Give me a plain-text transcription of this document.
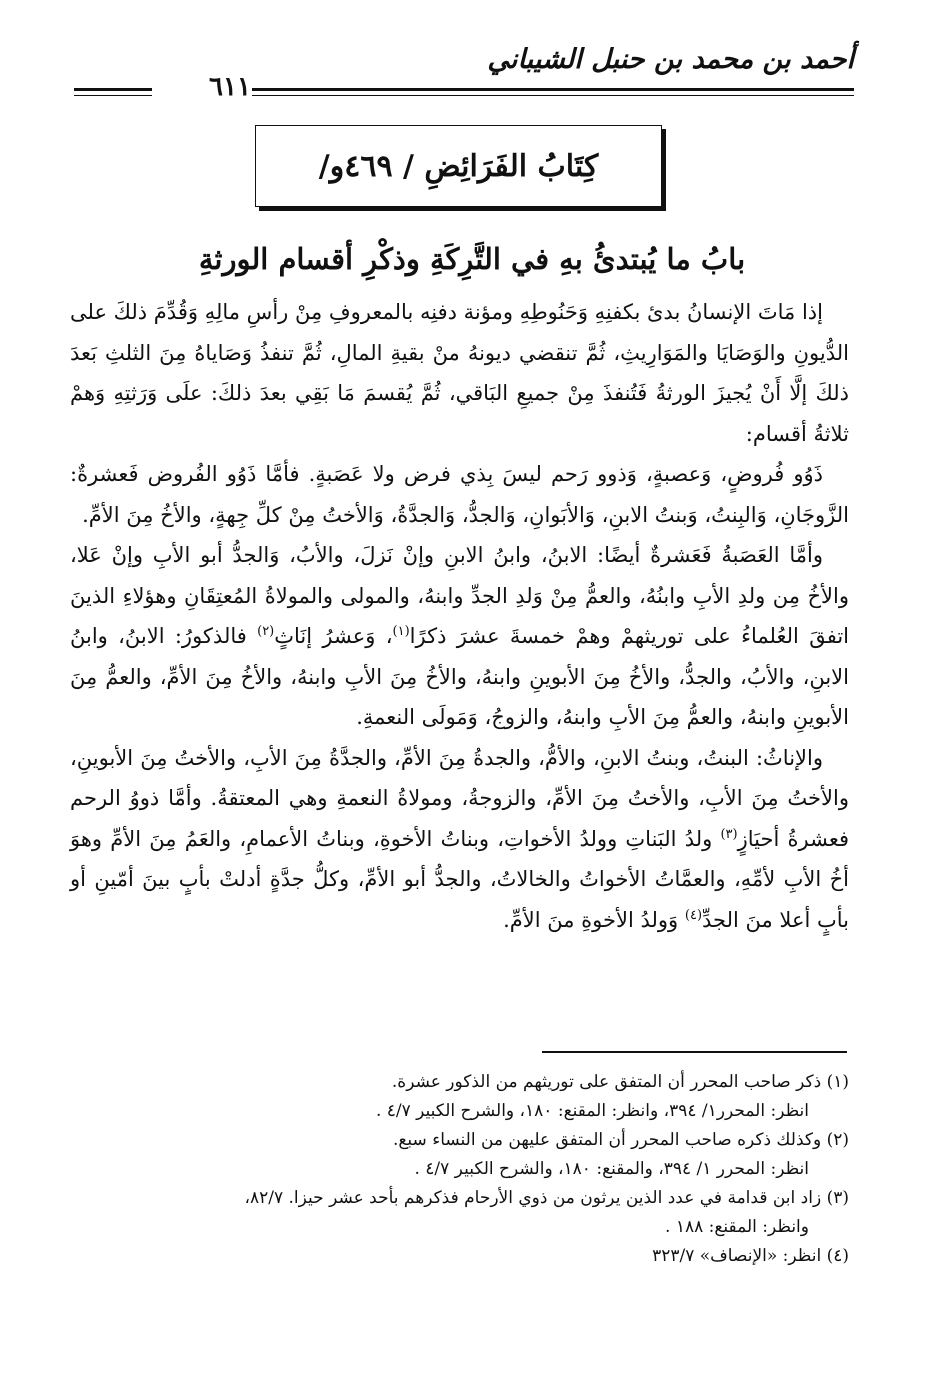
أحمد بن محمد بن حنبل الشيباني
٦١١
كِتَابُ الفَرَائِضِ / ٤٦٩و/
بابُ ما يُبتدئُ بهِ في التَّرِكَةِ وذكْرِ أقسام الورثةِ

إذا مَاتَ الإنسانُ بدئ بكفنِهِ وَحَنُوطِهِ ومؤنة دفنِه بالمعروفِ مِنْ رأسِ مالِهِ وَقُدِّمَ ذلكَ على الدُّيونِ والوَصَايَا والمَوَارِيثِ، ثُمَّ تنقضي ديونهُ منْ بقيةِ المالِ، ثُمَّ تنفذُ وَصَاياهُ مِنَ الثلثِ بَعدَ ذلكَ إلَّا أَنْ يُجيزَ الورثةُ فَتُنفذَ مِنْ جميعِ البَاقي، ثُمَّ يُقسمَ مَا بَقِي بعدَ ذلكَ: علَى وَرَثتِهِ وَهمْ ثلاثةُ أقسام:

ذَوُو فُروضٍ، وَعصبةٍ، وَذوو رَحم ليسَ بِذي فرض ولا عَصَبةٍ. فأمَّا ذَوُو الفُروض فَعشرةٌ: الزَّوجَانِ، وَالبِنتُ، وَبنتُ الابنِ، وَالأبَوانِ، وَالجدُّ، وَالجدَّةُ، وَالأختُ مِنْ كلِّ جِهةٍ، والأخُ مِنَ الأمِّ.

وأمَّا العَصَبةُ فَعَشرةٌ أيضًا: الابنُ، وابنُ الابنِ وإنْ نَزلَ، والأبُ، وَالجدُّ أبو الأبِ وإنْ عَلا، والأخُ مِن ولدِ الأبِ وابنُهُ، والعمُّ مِنْ وَلدِ الجدِّ وابنهُ، والمولى والمولاةُ المُعتِقَانِ وهؤلاءِ الذينَ اتفقَ العُلماءُ على توريثهمْ وهمْ خمسةَ عشرَ ذكرًا$^{(١)}$، وَعشرُ إنَاثٍ$^{(٢)}$ فالذكورُ: الابنُ، وابنُ الابنِ، والأبُ، والجدُّ، والأخُ مِنَ الأبوينِ وابنهُ، والأخُ مِنَ الأبِ وابنهُ، والأخُ مِنَ الأمِّ، والعمُّ مِنَ الأبوينِ وابنهُ، والعمُّ مِنَ الأبِ وابنهُ، والزوجُ، وَمَولَى النعمةِ.

والإناثُ: البنتُ، وبنتُ الابنِ، والأمُّ، والجدةُ مِنَ الأمِّ، والجدَّةُ مِنَ الأبِ، والأختُ مِنَ الأبوينِ، والأختُ مِنَ الأبِ، والأختُ مِنَ الأمِّ، والزوجةُ، ومولاةُ النعمةِ وهي المعتقةُ. وأمَّا ذووُ الرحم فعشرةُ أحيَازٍ$^{(٣)}$ ولدُ البَناتِ وولدُ الأخواتِ، وبناتُ الأخوةِ، وبناتُ الأعمامِ، والعَمُ مِنَ الأمِّ وهوَ أخُ الأبِ لأمِّهِ، والعمَّاتُ الأخواتُ والخالاتُ، والجدُّ أبو الأمِّ، وكلُّ جدَّةٍ أدلتْ بأبٍ بينَ أمّينِ أو بأبٍ أعلا منَ الجدِّ$^{(٤)}$ وَولدُ الأخوةِ منَ الأمِّ.

(١) ذكر صاحب المحرر أن المتفق على توريثهم من الذكور عشرة.

انظر: المحرر١/ ٣٩٤، وانظر: المقنع: ١٨٠، والشرح الكبير ٤/٧ .

(٢) وكذلك ذكره صاحب المحرر أن المتفق عليهن من النساء سبع.

انظر: المحرر ١/ ٣٩٤، والمقنع: ١٨٠، والشرح الكبير ٤/٧ .

(٣) زاد ابن قدامة في عدد الذين يرثون من ذوي الأرحام فذكرهم بأحد عشر حيزا. ٨٢/٧،

وانظر: المقنع: ١٨٨ .

(٤) انظر: «الإنصاف» ٣٢٣/٧
